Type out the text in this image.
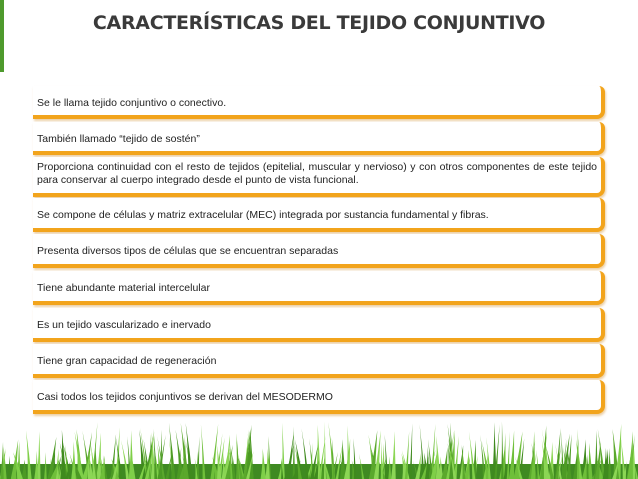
CARACTERÍSTICAS DEL TEJIDO CONJUNTIVO
Se le llama tejido conjuntivo o conectivo.
También llamado “tejido de sostén”
Proporciona continuidad con el resto de tejidos (epitelial, muscular y nervioso) y con otros componentes de este tejido para conservar al cuerpo integrado desde el punto de vista funcional.
Se compone de células y matriz extracelular (MEC) integrada por sustancia fundamental y fibras.
Presenta diversos tipos de células que se encuentran separadas
Tiene abundante material intercelular
Es un tejido vascularizado e inervado
Tiene gran capacidad de regeneración
Casi todos los tejidos conjuntivos se derivan del MESODERMO
